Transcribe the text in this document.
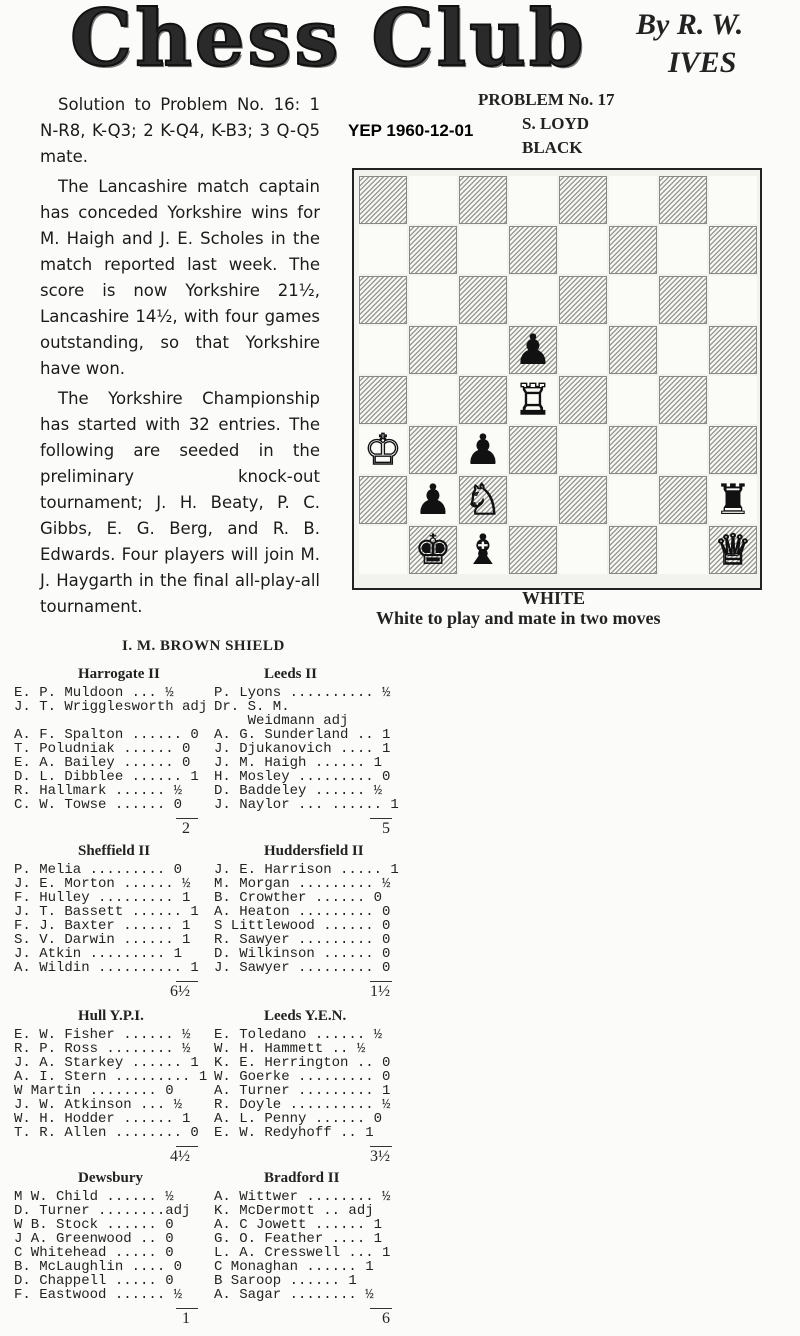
Chess Club By R. W.
IVES

Solution to Problem No. 16: 1 N-R8, K-Q3; 2 K-Q4, K-B3; 3 Q-Q5 mate.

The Lancashire match captain has conceded Yorkshire wins for M. Haigh and J. E. Scholes in the match reported last week. The score is now Yorkshire 21½, Lancashire 14½, with four games outstanding, so that Yorkshire have won.

The Yorkshire Championship has started with 32 entries. The following are seeded in the preliminary knock-out tournament; J. H. Beaty, P. C. Gibbs, E. G. Berg, and R. B. Edwards. Four players will join M. J. Haygarth in the final all-play-all tournament.

YEP 1960-12-01
PROBLEM No. 17
S. LOYD
BLACK
♟
♖
♔ ♟
♟ ♘	♜
♚ ♝	♕
WHITE
White to play and mate in two moves
I. M. BROWN SHIELD
Harrogate II
E. P. Muldoon ... ½
J. T. Wrigglesworth adj
A. F. Spalton ...... 0
T. Poludniak ...... 0
E. A. Bailey ...... 0
D. L. Dibblee ...... 1
R. Hallmark ...... ½
C. W. Towse ...... 0
2
Leeds II
P. Lyons .......... ½
Dr. S. M.
Weidmann adj
A. G. Sunderland .. 1
J. Djukanovich .... 1
J. M. Haigh ...... 1
H. Mosley ......... 0
D. Baddeley ...... ½
J. Naylor ... ...... 1
5
Sheffield II
P. Melia ......... 0
J. E. Morton ...... ½
F. Hulley ......... 1
J. T. Bassett ...... 1
F. J. Baxter ...... 1
S. V. Darwin ...... 1
J. Atkin ......... 1
A. Wildin .......... 1
6½
Huddersfield II
J. E. Harrison ..... 1
M. Morgan ......... ½
B. Crowther ...... 0
A. Heaton ......... 0
S Littlewood ...... 0
R. Sawyer ......... 0
D. Wilkinson ...... 0
J. Sawyer ......... 0
1½
Hull Y.P.I.
E. W. Fisher ...... ½
R. P. Ross ........ ½
J. A. Starkey ...... 1
A. I. Stern ......... 1
W Martin ........ 0
J. W. Atkinson ... ½
W. H. Hodder ...... 1
T. R. Allen ........ 0
4½
Leeds Y.E.N.
E. Toledano ...... ½
W. H. Hammett .. ½
K. E. Herrington .. 0
W. Goerke ......... 0
A. Turner ......... 1
R. Doyle .......... ½
A. L. Penny ...... 0
E. W. Redyhoff .. 1
3½
Dewsbury
M W. Child ...... ½
D. Turner ........adj
W B. Stock ...... 0
J A. Greenwood .. 0
C Whitehead ..... 0
B. McLaughlin .... 0
D. Chappell ..... 0
F. Eastwood ...... ½
1
Bradford II
A. Wittwer ........ ½
K. McDermott .. adj
A. C Jowett ...... 1
G. O. Feather .... 1
L. A. Cresswell ... 1
C Monaghan ...... 1
B Saroop ...... 1
A. Sagar ........ ½
6
